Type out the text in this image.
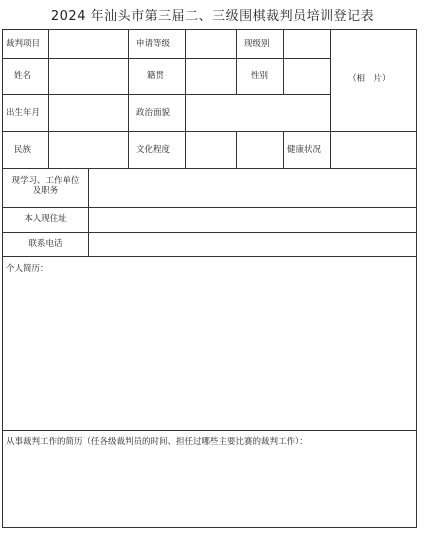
2024 年汕头市第三届二、三级围棋裁判员培训登记表
裁判项目	申请等级	现级别
姓名	籍贯	性别	（相　片）
出生年月	政治面貌
民族	文化程度	健康状况
现学习、工作单位
及职务
本人现住址
联系电话
个人简历：
从事裁判工作的简历（任各级裁判员的时间、担任过哪些主要比赛的裁判工作）：
